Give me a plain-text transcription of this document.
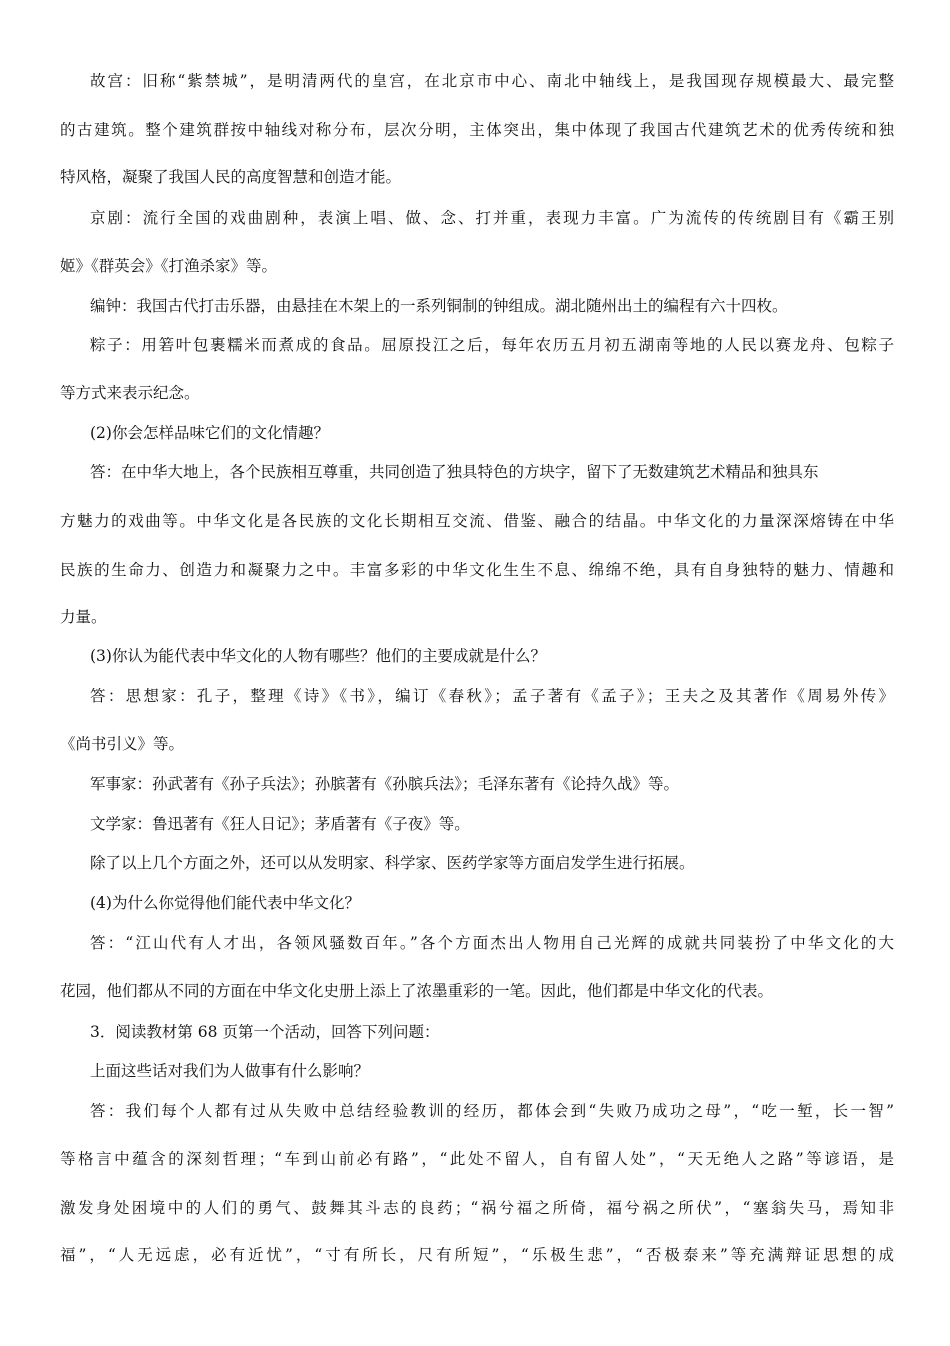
故宫：旧称“紫禁城”，是明清两代的皇宫，在北京市中心、南北中轴线上，是我国现存规模最大、最完整
的古建筑。整个建筑群按中轴线对称分布，层次分明，主体突出，集中体现了我国古代建筑艺术的优秀传统和独
特风格，凝聚了我国人民的高度智慧和创造才能。
京剧：流行全国的戏曲剧种，表演上唱、做、念、打并重，表现力丰富。广为流传的传统剧目有《霸王别
姬》《群英会》《打渔杀家》等。
编钟：我国古代打击乐器，由悬挂在木架上的一系列铜制的钟组成。湖北随州出土的编程有六十四枚。
粽子：用箬叶包裹糯米而煮成的食品。屈原投江之后，每年农历五月初五湖南等地的人民以赛龙舟、包粽子
等方式来表示纪念。
(2)你会怎样品味它们的文化情趣？
答：在中华大地上，各个民族相互尊重，共同创造了独具特色的方块字，留下了无数建筑艺术精品和独具东
方魅力的戏曲等。中华文化是各民族的文化长期相互交流、借鉴、融合的结晶。中华文化的力量深深熔铸在中华
民族的生命力、创造力和凝聚力之中。丰富多彩的中华文化生生不息、绵绵不绝，具有自身独特的魅力、情趣和
力量。
(3)你认为能代表中华文化的人物有哪些？他们的主要成就是什么？
答：思想家：孔子，整理《诗》《书》，编订《春秋》；孟子著有《孟子》；王夫之及其著作《周易外传》
《尚书引义》等。
军事家：孙武著有《孙子兵法》；孙膑著有《孙膑兵法》；毛泽东著有《论持久战》等。
文学家：鲁迅著有《狂人日记》；茅盾著有《子夜》等。
除了以上几个方面之外，还可以从发明家、科学家、医药学家等方面启发学生进行拓展。
(4)为什么你觉得他们能代表中华文化？
答：“江山代有人才出，各领风骚数百年。”各个方面杰出人物用自己光辉的成就共同装扮了中华文化的大
花园，他们都从不同的方面在中华文化史册上添上了浓墨重彩的一笔。因此，他们都是中华文化的代表。
3．阅读教材第 68 页第一个活动，回答下列问题：
上面这些话对我们为人做事有什么影响？
答：我们每个人都有过从失败中总结经验教训的经历，都体会到“失败乃成功之母”，“吃一堑，长一智”
等格言中蕴含的深刻哲理；“车到山前必有路”，“此处不留人，自有留人处”，“天无绝人之路”等谚语，是
激发身处困境中的人们的勇气、鼓舞其斗志的良药；“祸兮福之所倚，福兮祸之所伏”，“塞翁失马，焉知非
福”，“人无远虑，必有近忧”，“寸有所长，尺有所短”，“乐极生悲”，“否极泰来”等充满辩证思想的成
